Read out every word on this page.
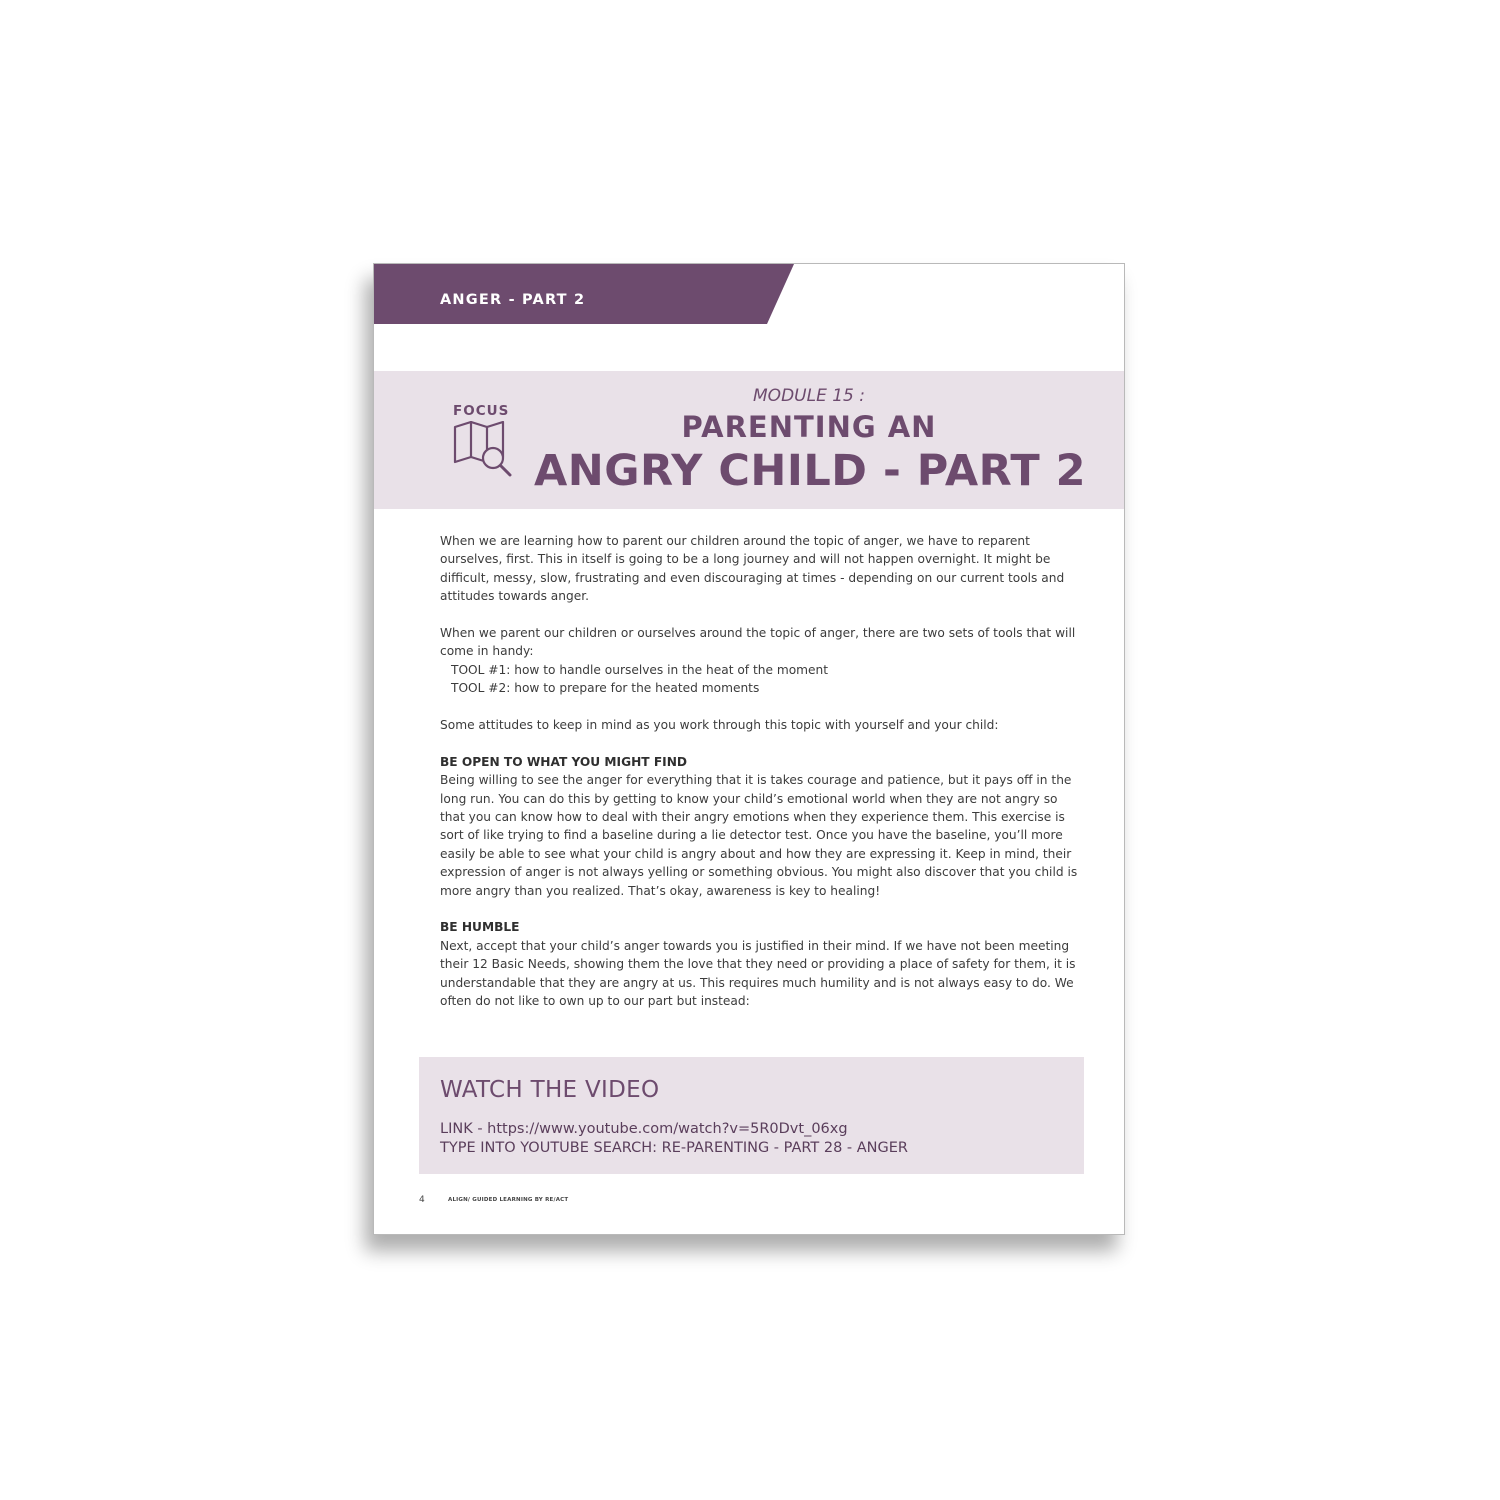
ANGER - PART 2
FOCUS
MODULE 15 :
PARENTING AN
ANGRY CHILD - PART 2

When we are learning how to parent our children around the topic of anger, we have to reparent ourselves, first. This in itself is going to be a long journey and will not happen overnight. It might be difficult, messy, slow, frustrating and even discouraging at times - depending on our current tools and attitudes towards anger.

When we parent our children or ourselves around the topic of anger, there are two sets of tools that will come in handy:
TOOL #1: how to handle ourselves in the heat of the moment
TOOL #2: how to prepare for the heated moments

Some attitudes to keep in mind as you work through this topic with yourself and your child:

BE OPEN TO WHAT YOU MIGHT FIND
Being willing to see the anger for everything that it is takes courage and patience, but it pays off in the long run. You can do this by getting to know your child’s emotional world when they are not angry so that you can know how to deal with their angry emotions when they experience them. This exercise is sort of like trying to find a baseline during a lie detector test. Once you have the baseline, you’ll more easily be able to see what your child is angry about and how they are expressing it. Keep in mind, their expression of anger is not always yelling or something obvious. You might also discover that you child is more angry than you realized. That’s okay, awareness is key to healing!

BE HUMBLE
Next, accept that your child’s anger towards you is justified in their mind. If we have not been meeting their 12 Basic Needs, showing them the love that they need or providing a place of safety for them, it is understandable that they are angry at us. This requires much humility and is not always easy to do. We often do not like to own up to our part but instead:

WATCH THE VIDEO
LINK - https://www.youtube.com/watch?v=5R0Dvt_06xg
TYPE INTO YOUTUBE SEARCH: RE-PARENTING - PART 28 - ANGER
4	ALIGN/ GUIDED LEARNING BY RE/ACT
